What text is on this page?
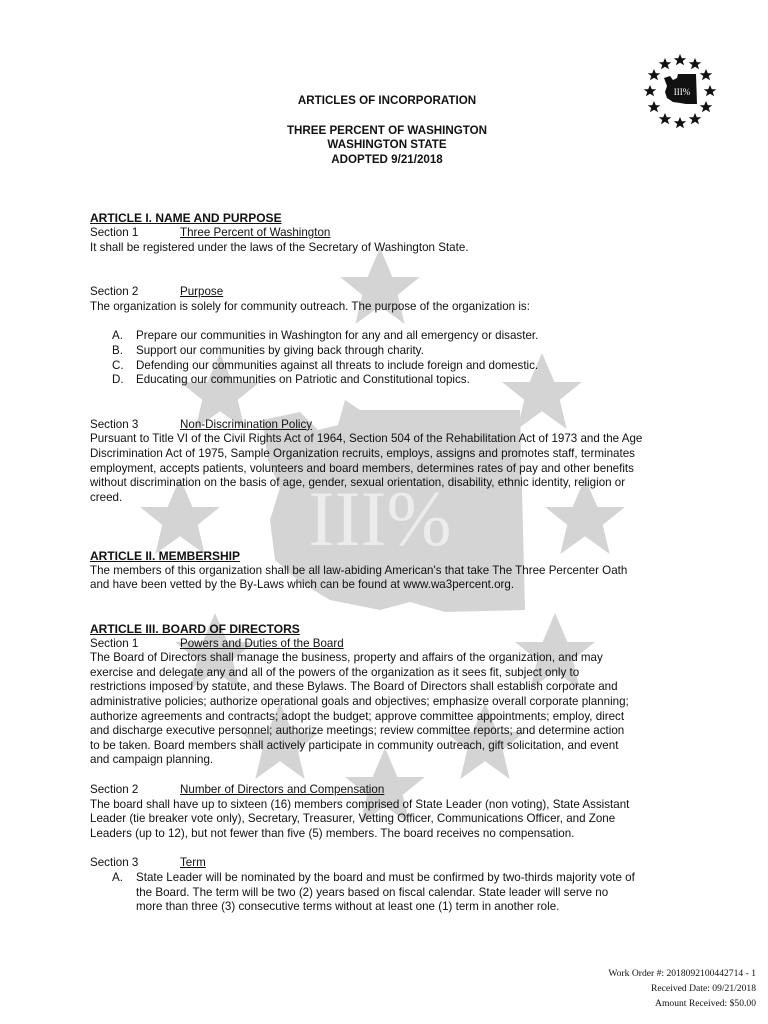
III%
III%
ARTICLES OF INCORPORATION
THREE PERCENT OF WASHINGTON
WASHINGTON STATE
ADOPTED 9/21/2018
ARTICLE I. NAME AND PURPOSE
Section 1	Three Percent of Washington

It shall be registered under the laws of the Secretary of Washington State.

Section 2	Purpose

The organization is solely for community outreach. The purpose of the organization is:

A.	Prepare our communities in Washington for any and all emergency or disaster.
B.	Support our communities by giving back through charity.
C.	Defending our communities against all threats to include foreign and domestic.
D.	Educating our communities on Patriotic and Constitutional topics.
Section 3	Non-Discrimination Policy
Pursuant to Title VI of the Civil Rights Act of 1964, Section 504 of the Rehabilitation Act of 1973 and the Age
Discrimination Act of 1975, Sample Organization recruits, employs, assigns and promotes staff, terminates
employment, accepts patients, volunteers and board members, determines rates of pay and other benefits
without discrimination on the basis of age, gender, sexual orientation, disability, ethnic identity, religion or
creed.
ARTICLE II. MEMBERSHIP
The members of this organization shall be all law-abiding American's that take The Three Percenter Oath
and have been vetted by the By-Laws which can be found at www.wa3percent.org.
ARTICLE III. BOARD OF DIRECTORS
Section 1	Powers and Duties of the Board
The Board of Directors shall manage the business, property and affairs of the organization, and may
exercise and delegate any and all of the powers of the organization as it sees fit, subject only to
restrictions imposed by statute, and these Bylaws. The Board of Directors shall establish corporate and
administrative policies; authorize operational goals and objectives; emphasize overall corporate planning;
authorize agreements and contracts; adopt the budget; approve committee appointments; employ, direct
and discharge executive personnel; authorize meetings; review committee reports; and determine action
to be taken. Board members shall actively participate in community outreach, gift solicitation, and event
and campaign planning.
Section 2	Number of Directors and Compensation
The board shall have up to sixteen (16) members comprised of State Leader (non voting), State Assistant
Leader (tie breaker vote only), Secretary, Treasurer, Vetting Officer, Communications Officer, and Zone
Leaders (up to 12), but not fewer than five (5) members. The board receives no compensation.
Section 3	Term
A.	State Leader will be nominated by the board and must be confirmed by two-thirds majority vote of
the Board. The term will be two (2) years based on fiscal calendar. State leader will serve no
more than three (3) consecutive terms without at least one (1) term in another role.
Work Order #: 2018092100442714 - 1
Received Date: 09/21/2018
Amount Received: $50.00
